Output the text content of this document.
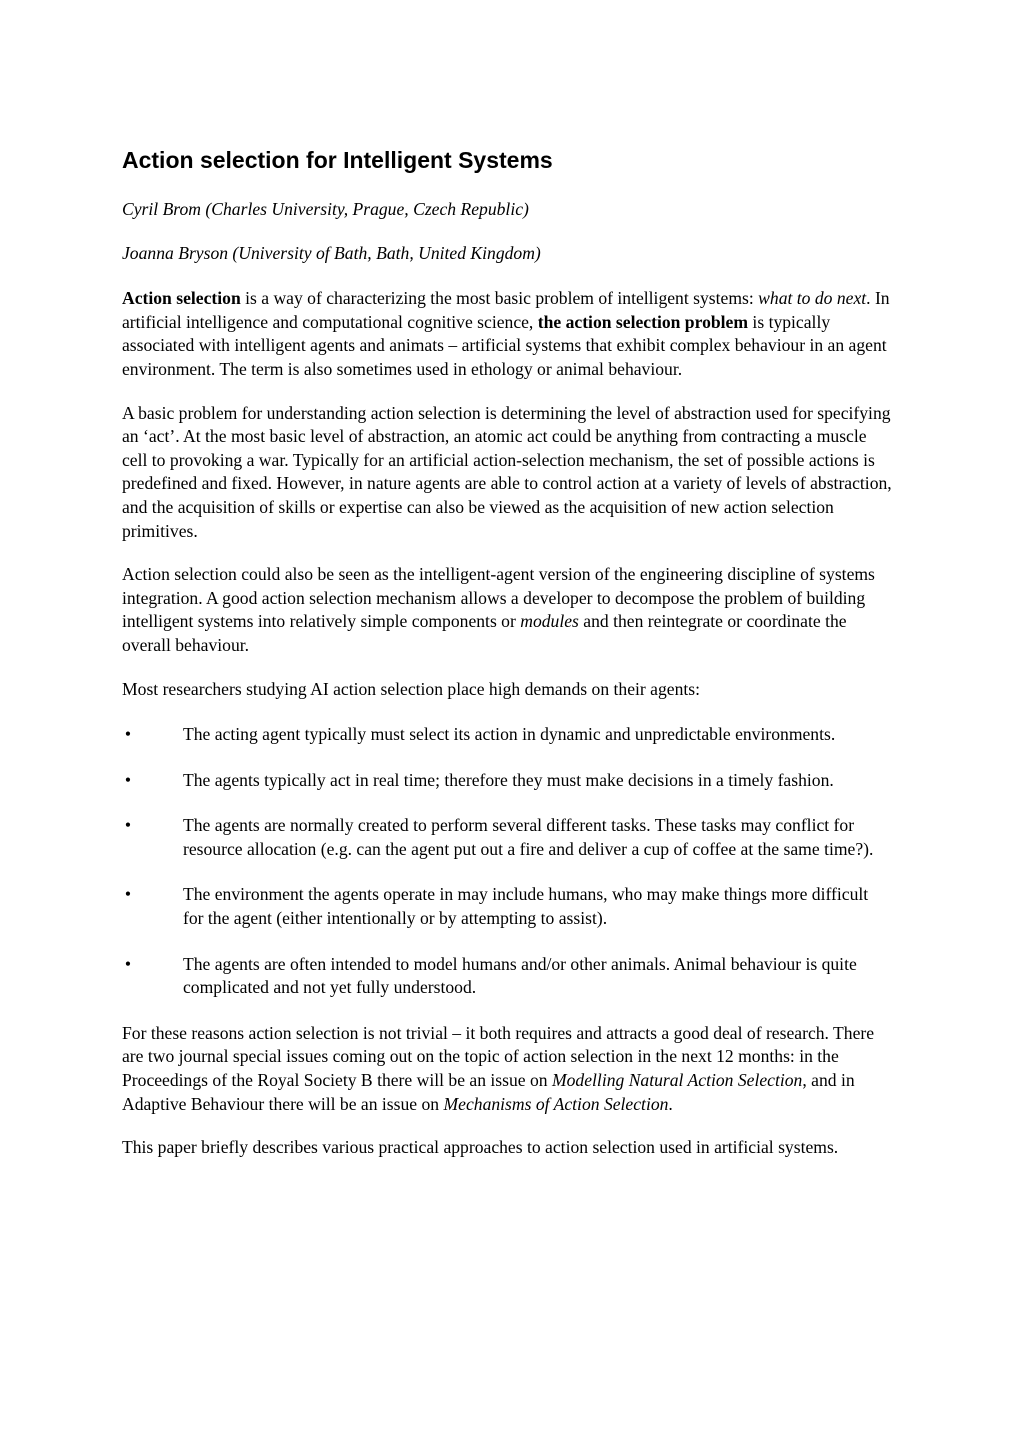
Action selection for Intelligent Systems

Cyril Brom (Charles University, Prague, Czech Republic)

Joanna Bryson (University of Bath, Bath, United Kingdom)

Action selection is a way of characterizing the most basic problem of intelligent systems: what to do next. In artificial intelligence and computational cognitive science, the action selection problem is typically associated with intelligent agents and animats – artificial systems that exhibit complex behaviour in an agent environment. The term is also sometimes used in ethology or animal behaviour.

A basic problem for understanding action selection is determining the level of abstraction used for specifying an ‘act’. At the most basic level of abstraction, an atomic act could be anything from contracting a muscle cell to provoking a war. Typically for an artificial action-selection mechanism, the set of possible actions is predefined and fixed. However, in nature agents are able to control action at a variety of levels of abstraction, and the acquisition of skills or expertise can also be viewed as the acquisition of new action selection primitives.

Action selection could also be seen as the intelligent-agent version of the engineering discipline of systems integration. A good action selection mechanism allows a developer to decompose the problem of building intelligent systems into relatively simple components or modules and then reintegrate or coordinate the overall behaviour.

Most researchers studying AI action selection place high demands on their agents:

•	The acting agent typically must select its action in dynamic and unpredictable environments.
•	The agents typically act in real time; therefore they must make decisions in a timely fashion.
•	The agents are normally created to perform several different tasks. These tasks may conflict for resource allocation (e.g. can the agent put out a fire and deliver a cup of coffee at the same time?).
•	The environment the agents operate in may include humans, who may make things more difficult for the agent (either intentionally or by attempting to assist).
•	The agents are often intended to model humans and/or other animals. Animal behaviour is quite complicated and not yet fully understood.

For these reasons action selection is not trivial – it both requires and attracts a good deal of research. There are two journal special issues coming out on the topic of action selection in the next 12 months: in the Proceedings of the Royal Society B there will be an issue on Modelling Natural Action Selection, and in Adaptive Behaviour there will be an issue on Mechanisms of Action Selection.

This paper briefly describes various practical approaches to action selection used in artificial systems.
